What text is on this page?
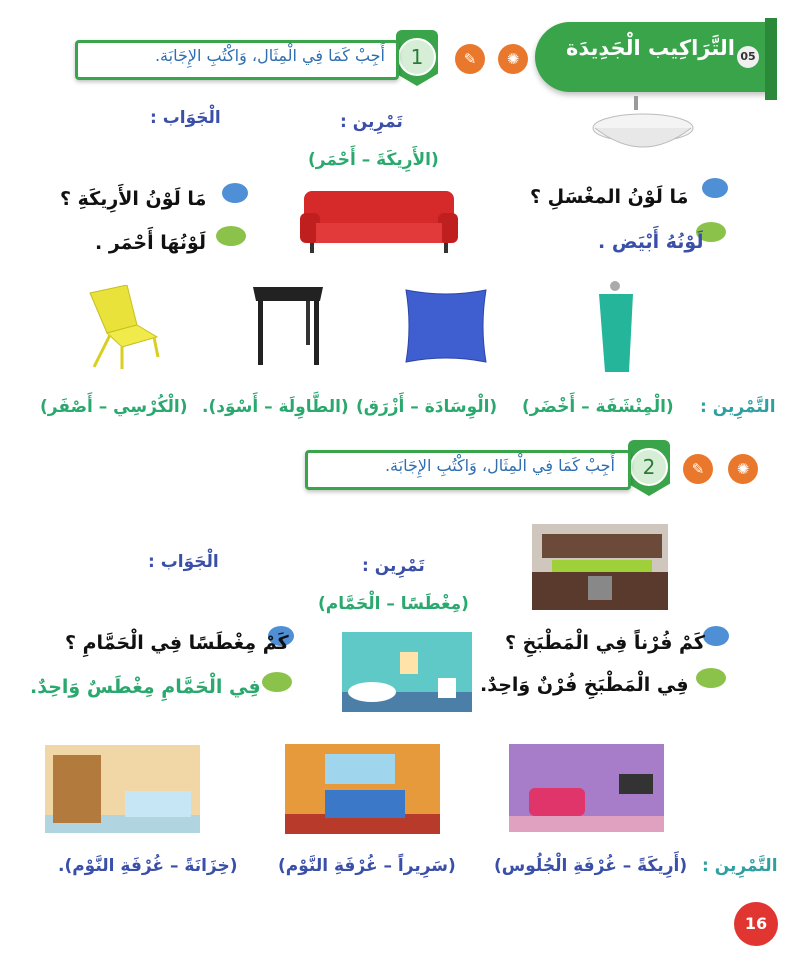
التَّرَاكِيب الْجَدِيدَة 05
✺
✎
1
أَجِبْ كَمَا فِي الْمِثَال، وَاكْتُبِ الإِجَابَة.
الْجَوَاب :	تَمْرِين :
(الأَرِيكَةَ – أَحْمَر)
مَا لَوْنُ الأَرِيكَةِ ؟
لَوْنُهَا أَحْمَر .
مَا لَوْنُ المغْسَلِ ؟
لَوْنُهُ أَبْيَض .
التَّمْرِين :
(الْمِنْشَفَة – أَخْضَر)
(الْوِسَادَة – أَزْرَق)
(الطَّاوِلَة – أَسْوَد).
(الْكُرْسِي – أَصْفَر)
✺
✎
2
أَجِبْ كَمَا فِي الْمِثَال، وَاكْتُبِ الإِجَابَة.
الْجَوَاب :	تَمْرِين :
(مِغْطَسًا – الْحَمَّام)
كَمْ مِغْطَسًا فِي الْحَمَّامِ ؟
فِي الْحَمَّامِ مِغْطَسٌ وَاحِدٌ.
كَمْ فُرْناً فِي الْمَطْبَخِ ؟
فِي الْمَطْبَخِ فُرْنٌ وَاحِدٌ.
التَّمْرِين :
(أَرِيكَةً – غُرْفَةِ الْجُلُوس)
(سَرِيراً – غُرْفَةِ النَّوْم)
(خِزَانَةً – غُرْفَةِ النَّوْم).
16
